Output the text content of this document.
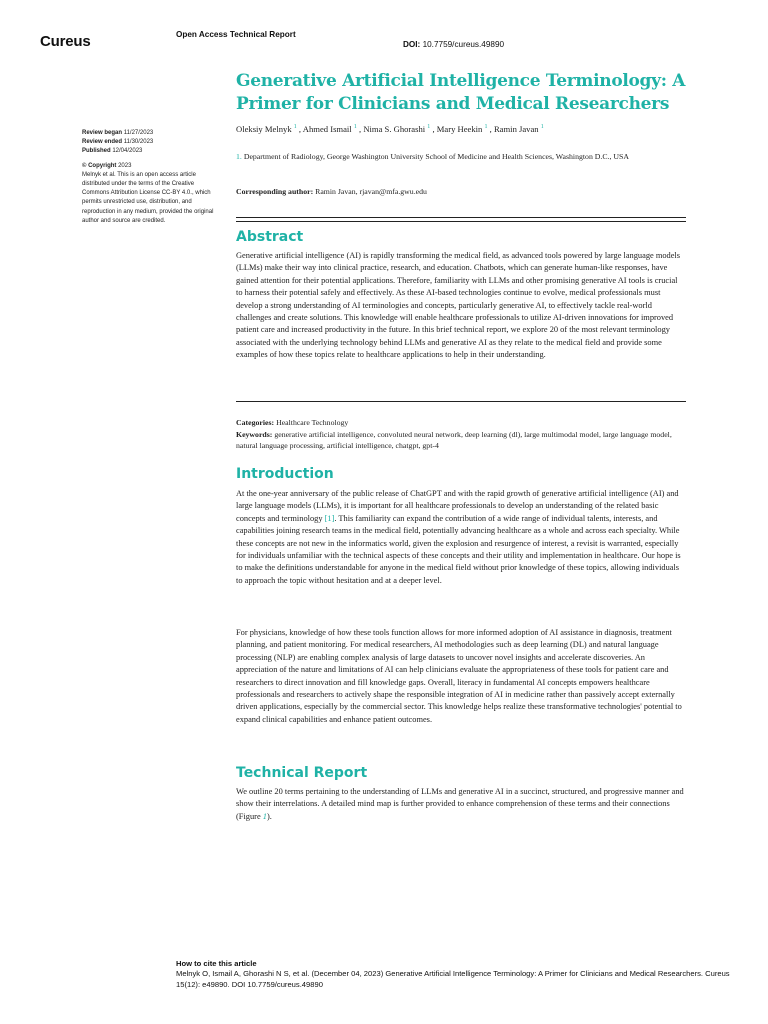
Cureus	Open Access Technical Report
DOI: 10.7759/cureus.49890
Generative Artificial Intelligence Terminology: A Primer for Clinicians and Medical Researchers
Oleksiy Melnyk $^1$ , Ahmed Ismail $^1$ , Nima S. Ghorashi $^1$ , Mary Heekin $^1$ , Ramin Javan $^1$
1. Department of Radiology, George Washington University School of Medicine and Health Sciences, Washington D.C., USA
Corresponding author: Ramin Javan, rjavan@mfa.gwu.edu
Review began 11/27/2023
Review ended 11/30/2023
Published 12/04/2023
© Copyright 2023
Melnyk et al. This is an open access article distributed under the terms of the Creative Commons Attribution License CC-BY 4.0., which permits unrestricted use, distribution, and reproduction in any medium, provided the original author and source are credited.
Abstract
Generative artificial intelligence (AI) is rapidly transforming the medical field, as advanced tools powered by large language models (LLMs) make their way into clinical practice, research, and education. Chatbots, which can generate human-like responses, have gained attention for their potential applications. Therefore, familiarity with LLMs and other promising generative AI tools is crucial to harness their potential safely and effectively. As these AI-based technologies continue to evolve, medical professionals must develop a strong understanding of AI terminologies and concepts, particularly generative AI, to effectively tackle real-world challenges and create solutions. This knowledge will enable healthcare professionals to utilize AI-driven innovations for improved patient care and increased productivity in the future. In this brief technical report, we explore 20 of the most relevant terminology associated with the underlying technology behind LLMs and generative AI as they relate to the medical field and provide some examples of how these topics relate to healthcare applications to help in their understanding.
Categories: Healthcare Technology
Keywords: generative artificial intelligence, convoluted neural network, deep learning (dl), large multimodal model, large language model, natural language processing, artificial intelligence, chatgpt, gpt-4
Introduction
At the one-year anniversary of the public release of ChatGPT and with the rapid growth of generative artificial intelligence (AI) and large language models (LLMs), it is important for all healthcare professionals to develop an understanding of the related basic concepts and terminology [1]. This familiarity can expand the contribution of a wide range of individual talents, interests, and capabilities joining research teams in the medical field, potentially advancing healthcare as a whole and across each specialty. While these concepts are not new in the informatics world, given the explosion and resurgence of interest, a revisit is warranted, especially for individuals unfamiliar with the technical aspects of these concepts and their utility and implementation in healthcare. Our hope is to make the definitions understandable for anyone in the medical field without prior knowledge of these topics, allowing individuals to approach the topic without hesitation and at a deeper level.
For physicians, knowledge of how these tools function allows for more informed adoption of AI assistance in diagnosis, treatment planning, and patient monitoring. For medical researchers, AI methodologies such as deep learning (DL) and natural language processing (NLP) are enabling complex analysis of large datasets to uncover novel insights and accelerate discoveries. An appreciation of the nature and limitations of AI can help clinicians evaluate the appropriateness of these tools for patient care and researchers to direct innovation and fill knowledge gaps. Overall, literacy in fundamental AI concepts empowers healthcare professionals and researchers to actively shape the responsible integration of AI in medicine rather than passively accept externally driven applications, especially by the commercial sector. This knowledge helps realize these transformative technologies' potential to expand clinical capabilities and enhance patient outcomes.
Technical Report
We outline 20 terms pertaining to the understanding of LLMs and generative AI in a succinct, structured, and progressive manner and show their interrelations. A detailed mind map is further provided to enhance comprehension of these terms and their connections (Figure 1).
How to cite this article
Melnyk O, Ismail A, Ghorashi N S, et al. (December 04, 2023) Generative Artificial Intelligence Terminology: A Primer for Clinicians and Medical Researchers. Cureus 15(12): e49890. DOI 10.7759/cureus.49890
